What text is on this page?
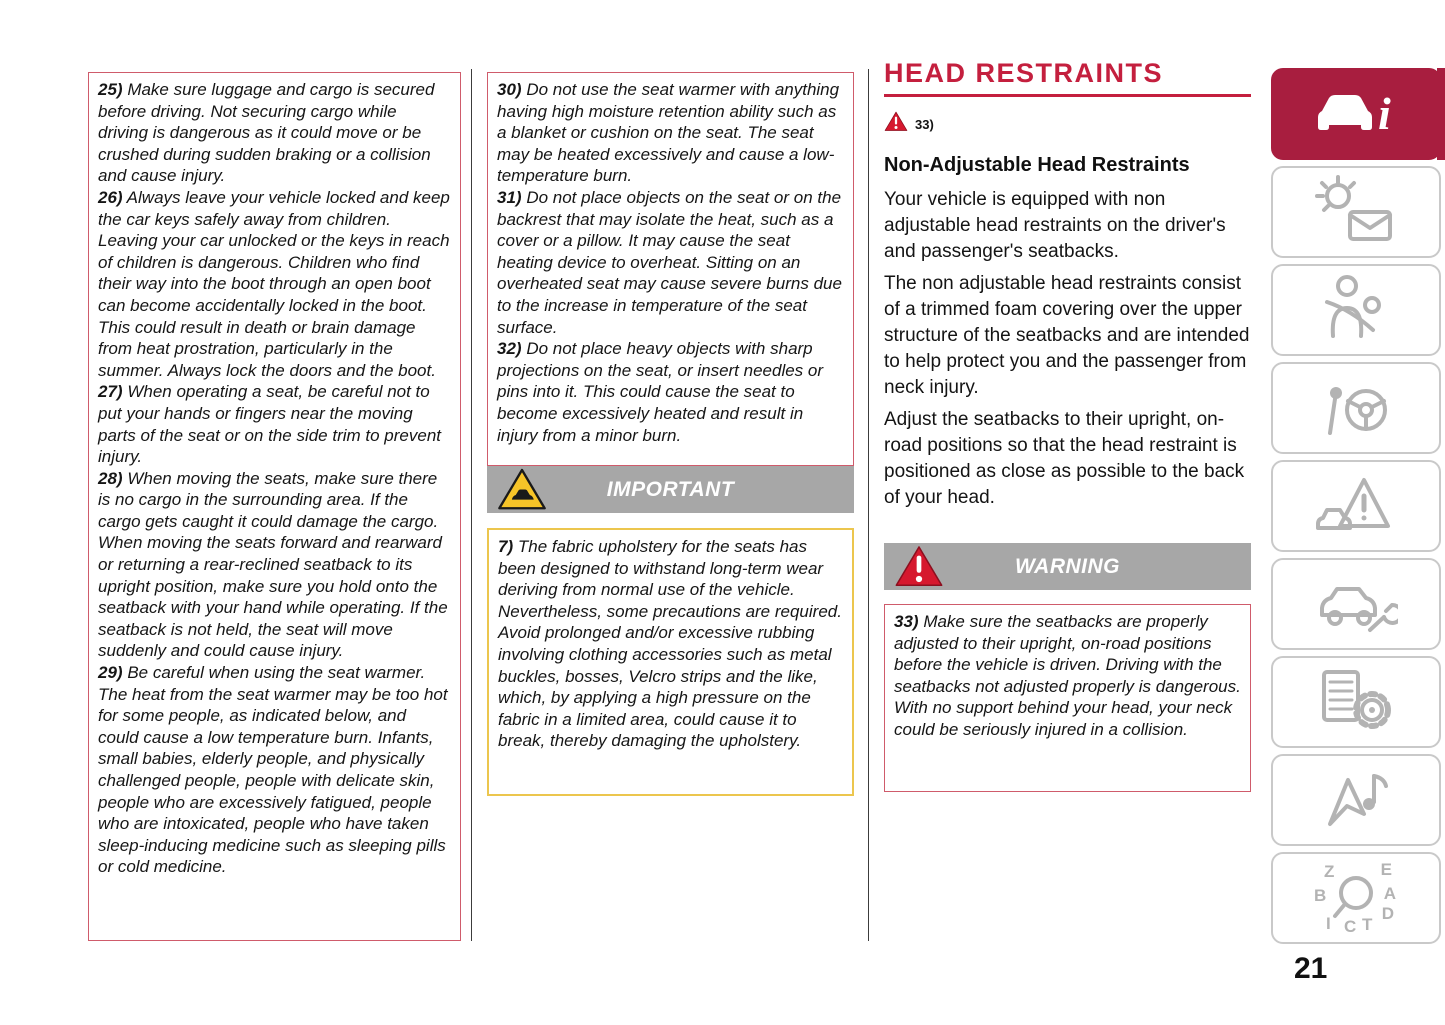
25) Make sure luggage and cargo is secured before driving. Not securing cargo while driving is dangerous as it could move or be crushed during sudden braking or a collision and cause injury.

26) Always leave your vehicle locked and keep the car keys safely away from children. Leaving your car unlocked or the keys in reach of children is dangerous. Children who find their way into the boot through an open boot can become accidentally locked in the boot. This could result in death or brain damage from heat prostration, particularly in the summer. Always lock the doors and the boot.

27) When operating a seat, be careful not to put your hands or fingers near the moving parts of the seat or on the side trim to prevent injury.

28) When moving the seats, make sure there is no cargo in the surrounding area. If the cargo gets caught it could damage the cargo. When moving the seats forward and rearward or returning a rear-reclined seatback to its upright position, make sure you hold onto the seatback with your hand while operating. If the seatback is not held, the seat will move suddenly and could cause injury.

29) Be careful when using the seat warmer. The heat from the seat warmer may be too hot for some people, as indicated below, and could cause a low temperature burn. Infants, small babies, elderly people, and physically challenged people, people with delicate skin, people who are excessively fatigued, people who are intoxicated, people who have taken sleep-inducing medicine such as sleeping pills or cold medicine.

30) Do not use the seat warmer with anything having high moisture retention ability such as a blanket or cushion on the seat. The seat may be heated excessively and cause a low-temperature burn.

31) Do not place objects on the seat or on the backrest that may isolate the heat, such as a cover or a pillow. It may cause the seat heating device to overheat. Sitting on an overheated seat may cause severe burns due to the increase in temperature of the seat surface.

32) Do not place heavy objects with sharp projections on the seat, or insert needles or pins into it. This could cause the seat to become excessively heated and result in injury from a minor burn.

IMPORTANT

7) The fabric upholstery for the seats has been designed to withstand long-term wear deriving from normal use of the vehicle. Nevertheless, some precautions are required. Avoid prolonged and/or excessive rubbing involving clothing accessories such as metal buckles, bosses, Velcro strips and the like, which, by applying a high pressure on the fabric in a limited area, could cause it to break, thereby damaging the upholstery.

HEAD RESTRAINTS
33)
Non-Adjustable Head Restraints

Your vehicle is equipped with non adjustable head restraints on the driver's and passenger's seatbacks.

The non adjustable head restraints consist of a trimmed foam covering over the upper structure of the seatbacks and are intended to help protect you and the passenger from neck injury.

Adjust the seatbacks to their upright, on-road positions so that the head restraint is positioned as close as possible to the back of your head.

WARNING

33) Make sure the seatbacks are properly adjusted to their upright, on-road positions before the vehicle is driven. Driving with the seatbacks not adjusted properly is dangerous. With no support behind your head, your neck could be seriously injured in a collision.

i
Z	E
B	A
I C T
D
21
